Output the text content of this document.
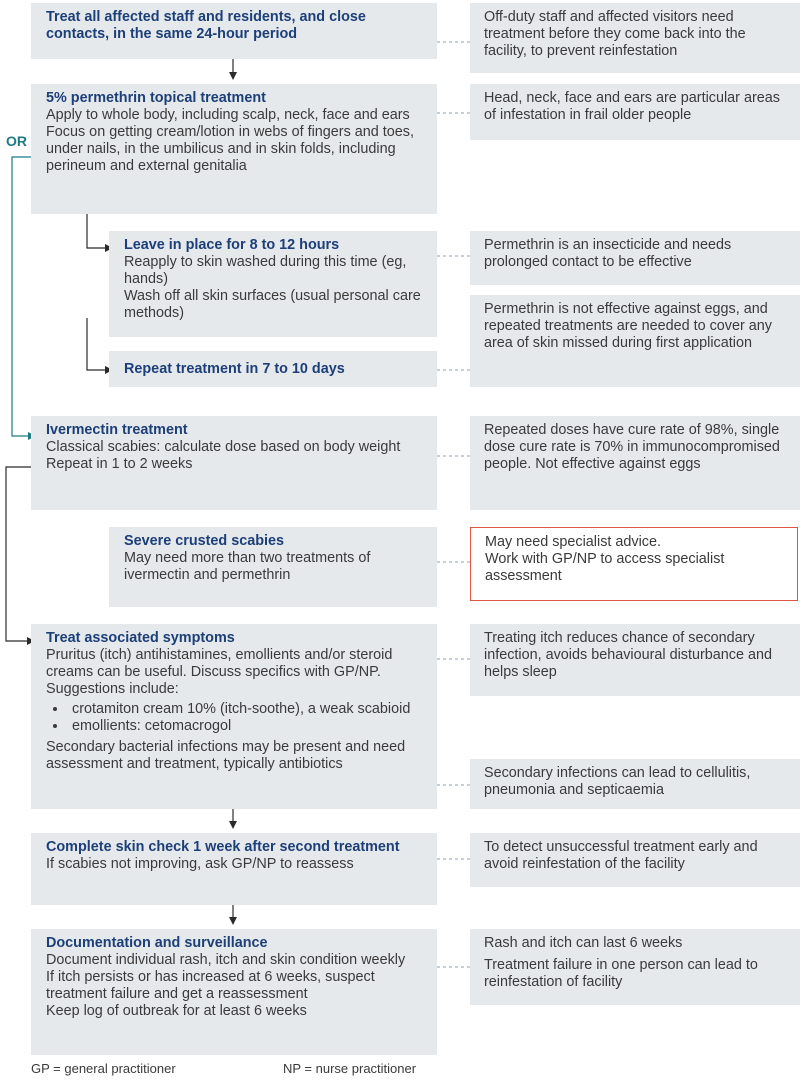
OR
Treat all affected staff and residents, and close contacts, in the same 24-hour period
5% permethrin topical treatment
Apply to whole body, including scalp, neck, face and ears
Focus on getting cream/lotion in webs of fingers and toes, under nails, in the umbilicus and in skin folds, including perineum and external genitalia
Leave in place for 8 to 12 hours
Reapply to skin washed during this time (eg, hands)
Wash off all skin surfaces (usual personal care methods)
Repeat treatment in 7 to 10 days
Ivermectin treatment
Classical scabies: calculate dose based on body weight
Repeat in 1 to 2 weeks
Severe crusted scabies
May need more than two treatments of ivermectin and permethrin
Treat associated symptoms
Pruritus (itch) antihistamines, emollients and/or steroid creams can be useful. Discuss specifics with GP/NP. Suggestions include:
• crotamiton cream 10% (itch-soothe), a weak scabioid
• emollients: cetomacrogol
Secondary bacterial infections may be present and need assessment and treatment, typically antibiotics
Complete skin check 1 week after second treatment
If scabies not improving, ask GP/NP to reassess
Documentation and surveillance
Document individual rash, itch and skin condition weekly
If itch persists or has increased at 6 weeks, suspect treatment failure and get a reassessment
Keep log of outbreak for at least 6 weeks
Off-duty staff and affected visitors need treatment before they come back into the facility, to prevent reinfestation
Head, neck, face and ears are particular areas of infestation in frail older people
Permethrin is an insecticide and needs prolonged contact to be effective
Permethrin is not effective against eggs, and repeated treatments are needed to cover any area of skin missed during first application
Repeated doses have cure rate of 98%, single dose cure rate is 70% in immunocompromised people. Not effective against eggs
May need specialist advice.
Work with GP/NP to access specialist assessment
Treating itch reduces chance of secondary infection, avoids behavioural disturbance and helps sleep
Secondary infections can lead to cellulitis, pneumonia and septicaemia
To detect unsuccessful treatment early and avoid reinfestation of the facility
Rash and itch can last 6 weeks
Treatment failure in one person can lead to reinfestation of facility
GP = general practitioner	NP = nurse practitioner
